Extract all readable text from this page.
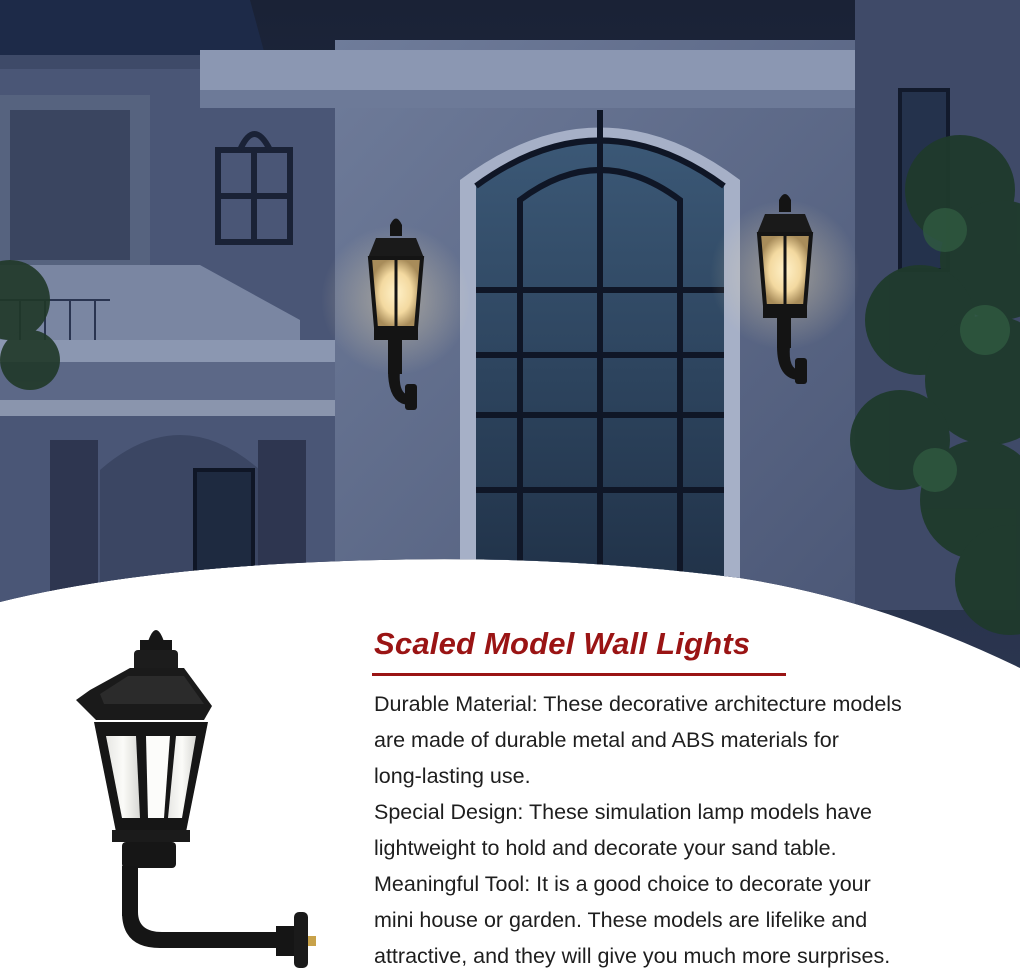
Scaled Model Wall Lights
Durable Material: These decorative architecture models
are made of durable metal and ABS materials for
long-lasting use.
Special Design: These simulation lamp models have
lightweight to hold and decorate your sand table.
Meaningful Tool: It is a good choice to decorate your
mini house or garden. These models are lifelike and
attractive, and they will give you much more surprises.
